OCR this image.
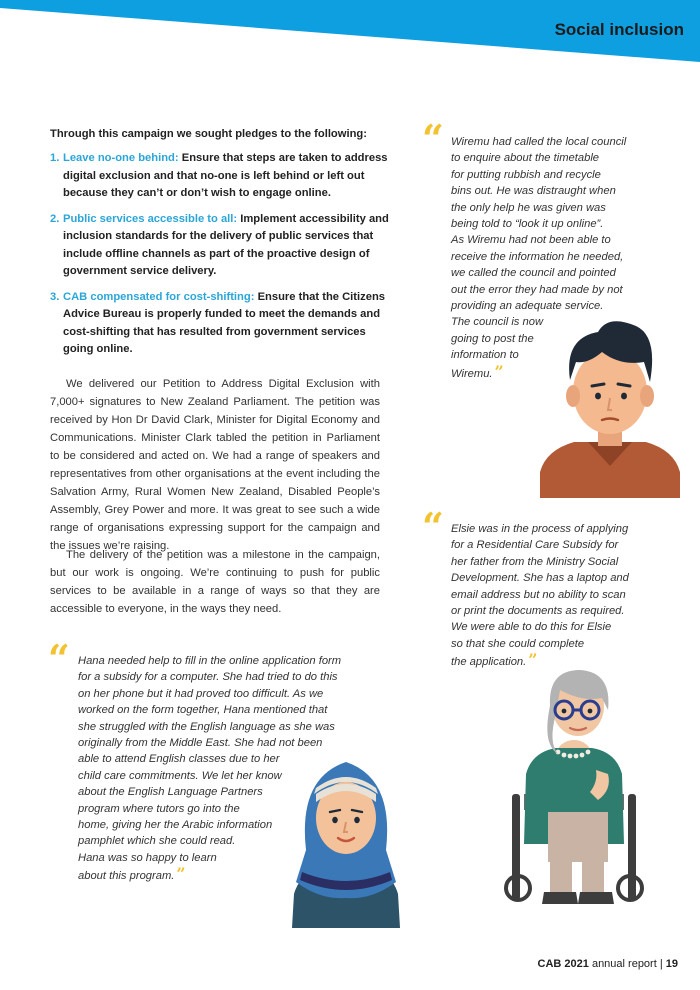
Social inclusion
Through this campaign we sought pledges to the following:
1. Leave no-one behind: Ensure that steps are taken to address
digital exclusion and that no-one is left behind or left out
because they can’t or don’t wish to engage online.
2. Public services accessible to all: Implement accessibility and
inclusion standards for the delivery of public services that
include offline channels as part of the proactive design of
government service delivery.
3. CAB compensated for cost-shifting: Ensure that the Citizens
Advice Bureau is properly funded to meet the demands and
cost-shifting that has resulted from government services
going online.

We delivered our Petition to Address Digital Exclusion with 7,000+ signatures to New Zealand Parliament. The petition was received by Hon Dr David Clark, Minister for Digital Economy and Communications. Minister Clark tabled the petition in Parliament to be considered and acted on. We had a range of speakers and representatives from other organisations at the event including the Salvation Army, Rural Women New Zealand, Disabled People’s Assembly, Grey Power and more. It was great to see such a wide range of organisations expressing support for the campaign and the issues we’re raising.

The delivery of the petition was a milestone in the campaign, but our work is ongoing. We’re continuing to push for public services to be available in a range of ways so that they are accessible to everyone, in the ways they need.

“ Wiremu had called the local council
to enquire about the timetable
for putting rubbish and recycle
bins out. He was distraught when
the only help he was given was
being told to “look it up online”.
As Wiremu had not been able to
receive the information he needed,
we called the council and pointed
out the error they had made by not
providing an adequate service.
The council is now
going to post the
information to
Wiremu. ”
“ Elsie was in the process of applying
for a Residential Care Subsidy for
her father from the Ministry Social
Development. She has a laptop and
email address but no ability to scan
or print the documents as required.
We were able to do this for Elsie
so that she could complete
the application. ”
“ Hana needed help to fill in the online application form
for a subsidy for a computer. She had tried to do this
on her phone but it had proved too difficult. As we
worked on the form together, Hana mentioned that
she struggled with the English language as she was
originally from the Middle East. She had not been
able to attend English classes due to her
child care commitments. We let her know
about the English Language Partners
program where tutors go into the
home, giving her the Arabic information
pamphlet which she could read.
Hana was so happy to learn
about this program. ”
CAB 2021 annual report | 19
